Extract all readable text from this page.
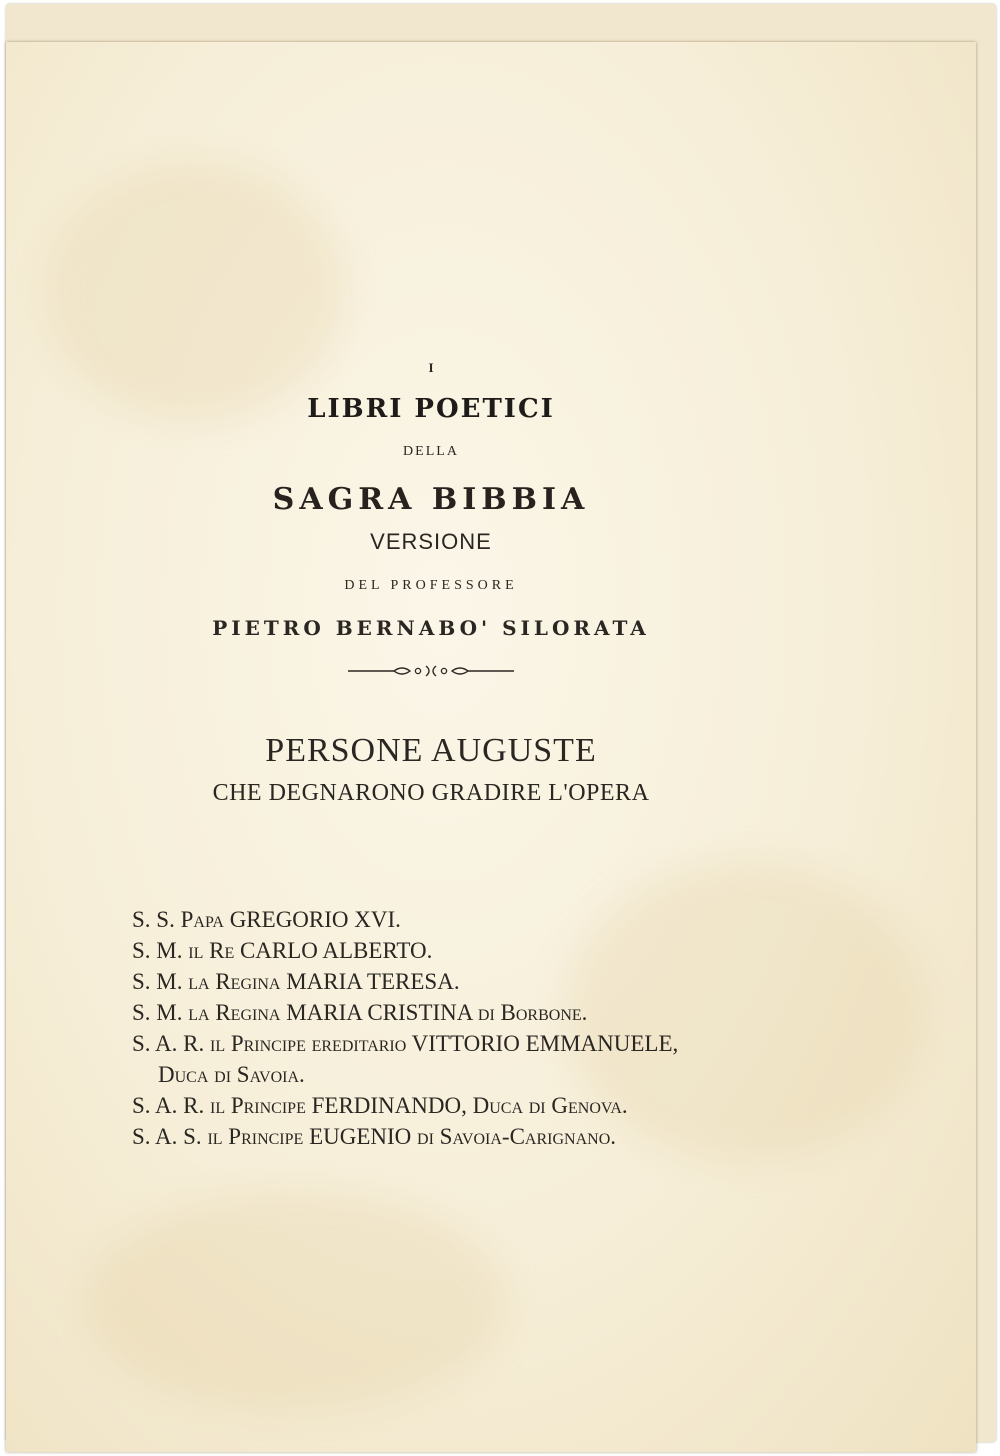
I
LIBRI POETICI
DELLA
SAGRA BIBBIA
VERSIONE
DEL PROFESSORE
PIETRO BERNABO' SILORATA
PERSONE AUGUSTE
CHE DEGNARONO GRADIRE L'OPERA
S. S. Papa GREGORIO XVI.
S. M. il Re CARLO ALBERTO.
S. M. la Regina MARIA TERESA.
S. M. la Regina MARIA CRISTINA di Borbone.
S. A. R. il Principe ereditario VITTORIO EMMANUELE,
Duca di Savoia.
S. A. R. il Principe FERDINANDO, Duca di Genova.
S. A. S. il Principe EUGENIO di Savoia-Carignano.
